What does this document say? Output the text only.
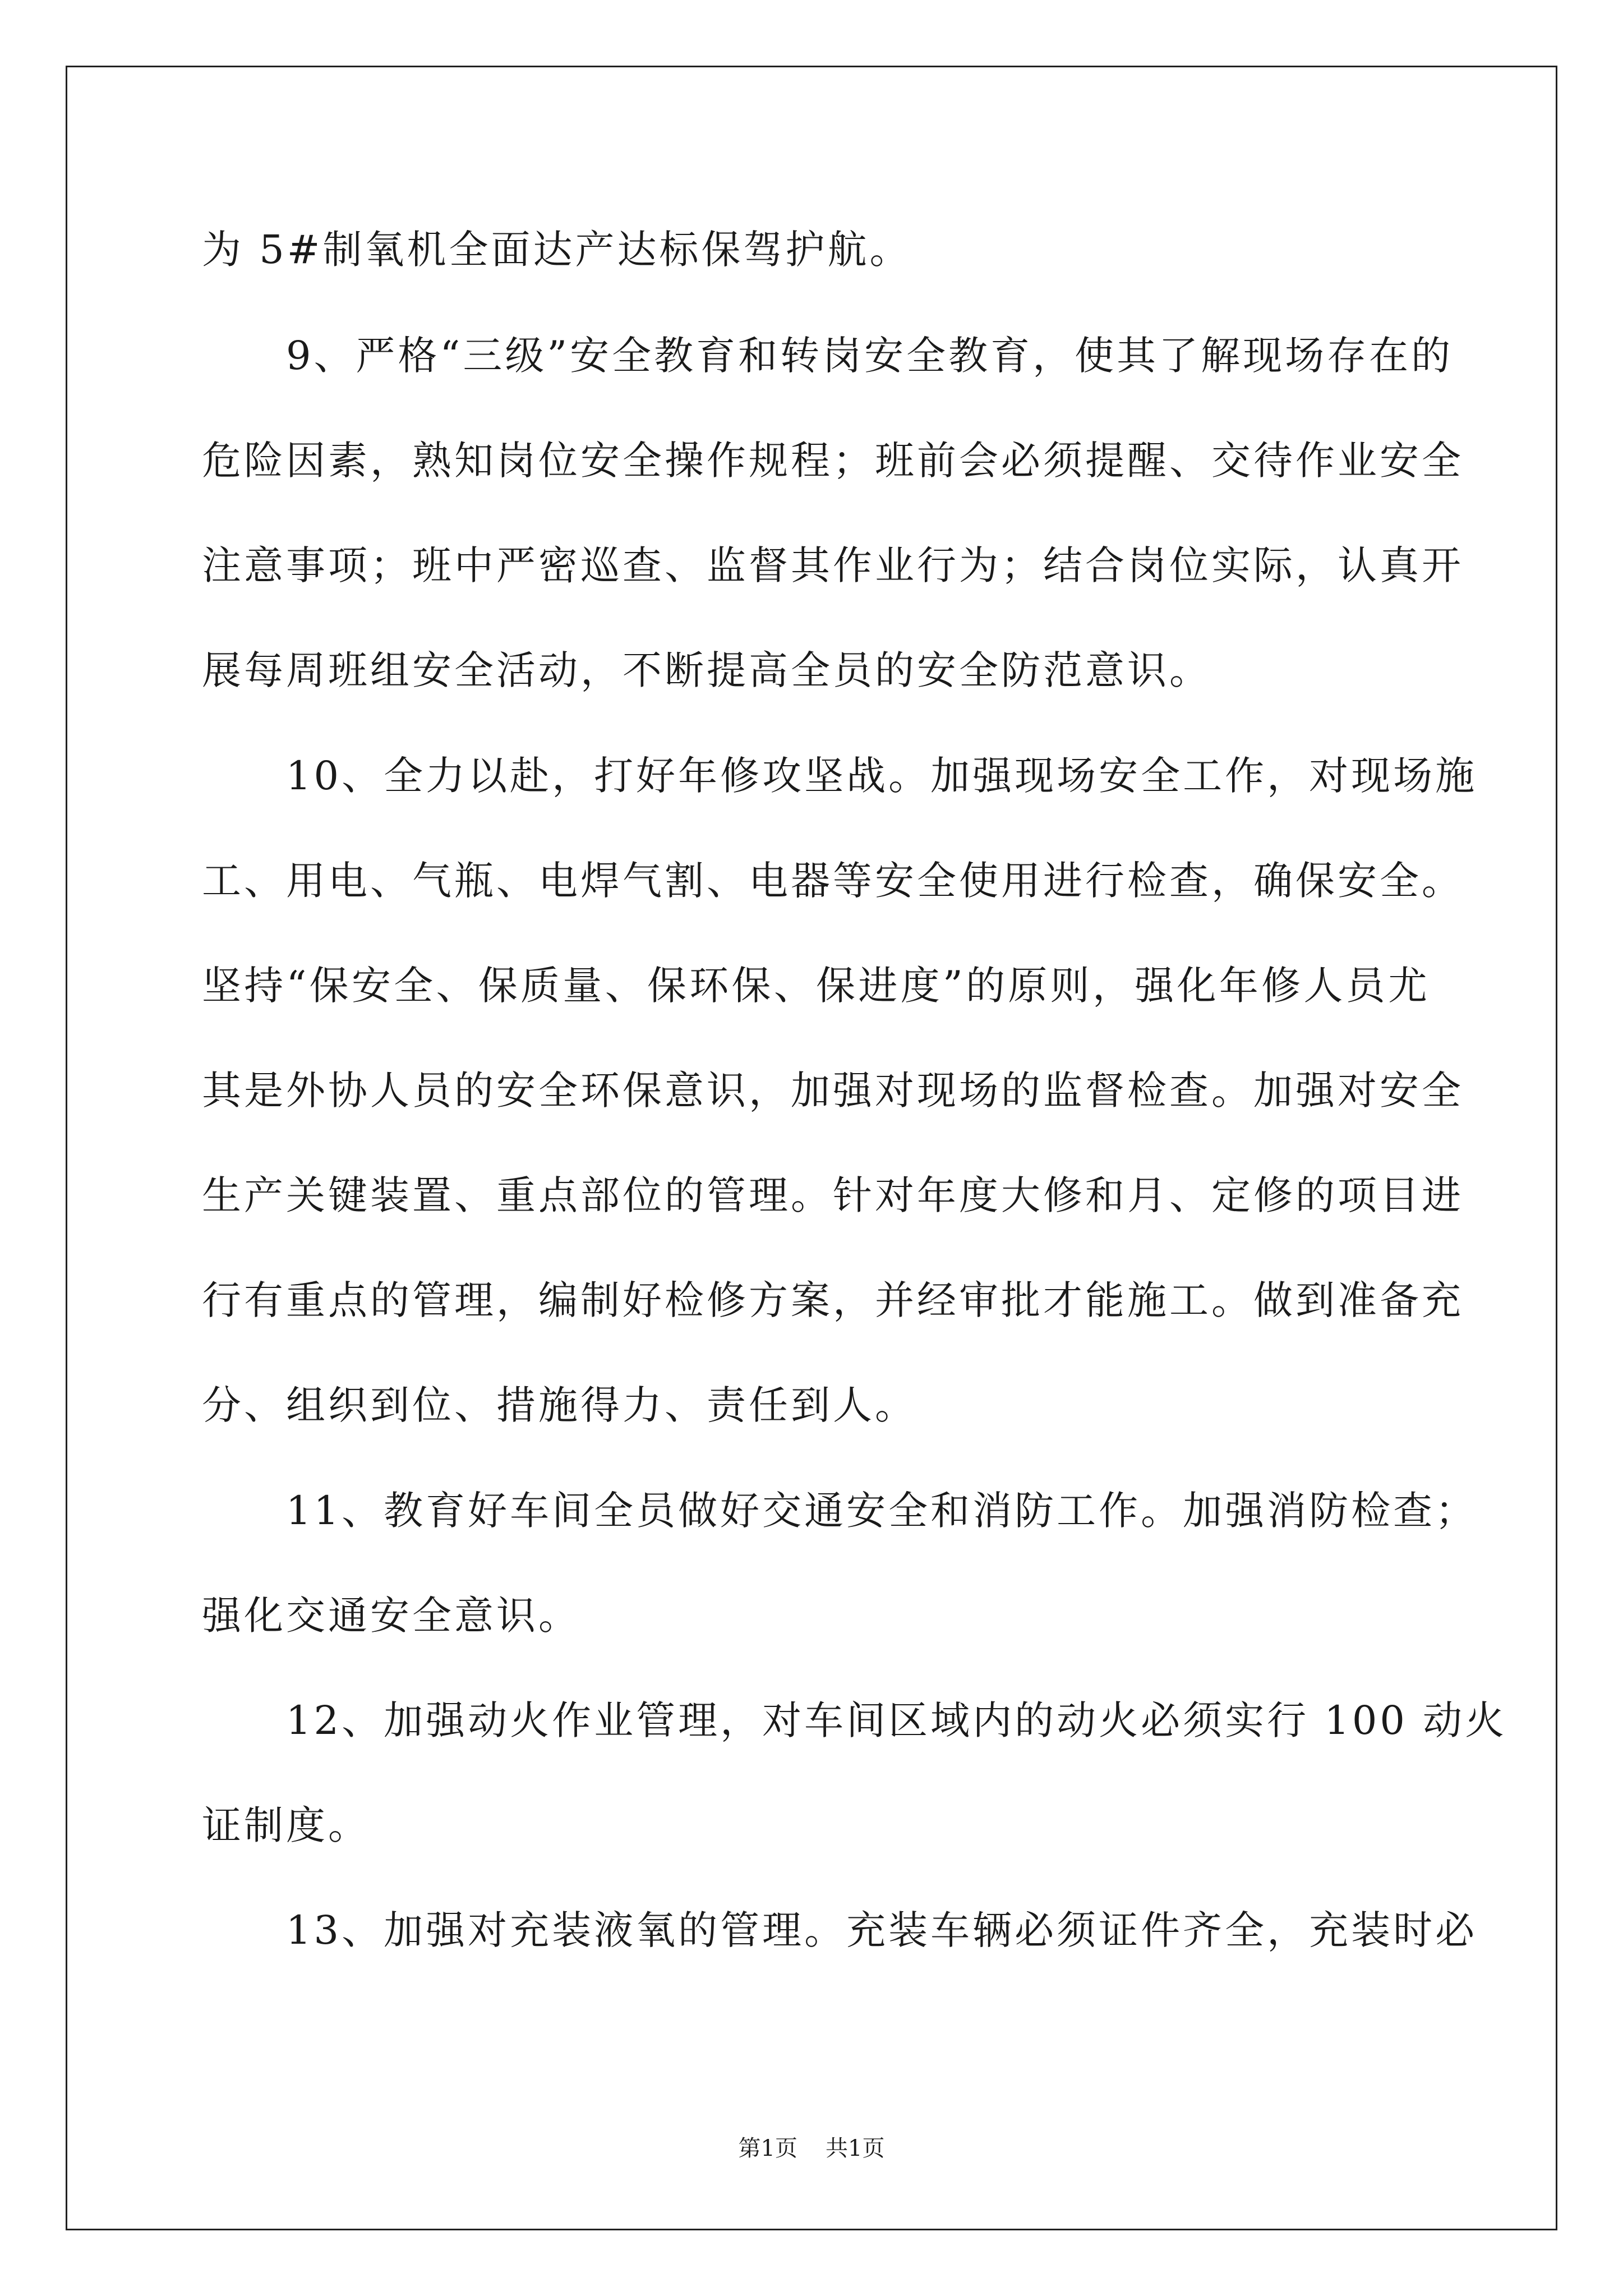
为 5#制氧机全面达产达标保驾护航。
9、严格“三级”安全教育和转岗安全教育，使其了解现场存在的
危险因素，熟知岗位安全操作规程；班前会必须提醒、交待作业安全
注意事项；班中严密巡查、监督其作业行为；结合岗位实际，认真开
展每周班组安全活动，不断提高全员的安全防范意识。
10、全力以赴，打好年修攻坚战。加强现场安全工作，对现场施
工、用电、气瓶、电焊气割、电器等安全使用进行检查，确保安全。
坚持“保安全、保质量、保环保、保进度”的原则，强化年修人员尤
其是外协人员的安全环保意识，加强对现场的监督检查。加强对安全
生产关键装置、重点部位的管理。针对年度大修和月、定修的项目进
行有重点的管理，编制好检修方案，并经审批才能施工。做到准备充
分、组织到位、措施得力、责任到人。
11、教育好车间全员做好交通安全和消防工作。加强消防检查；
强化交通安全意识。
12、加强动火作业管理，对车间区域内的动火必须实行 100 动火
证制度。
13、加强对充装液氧的管理。充装车辆必须证件齐全，充装时必
第1页 共1页
